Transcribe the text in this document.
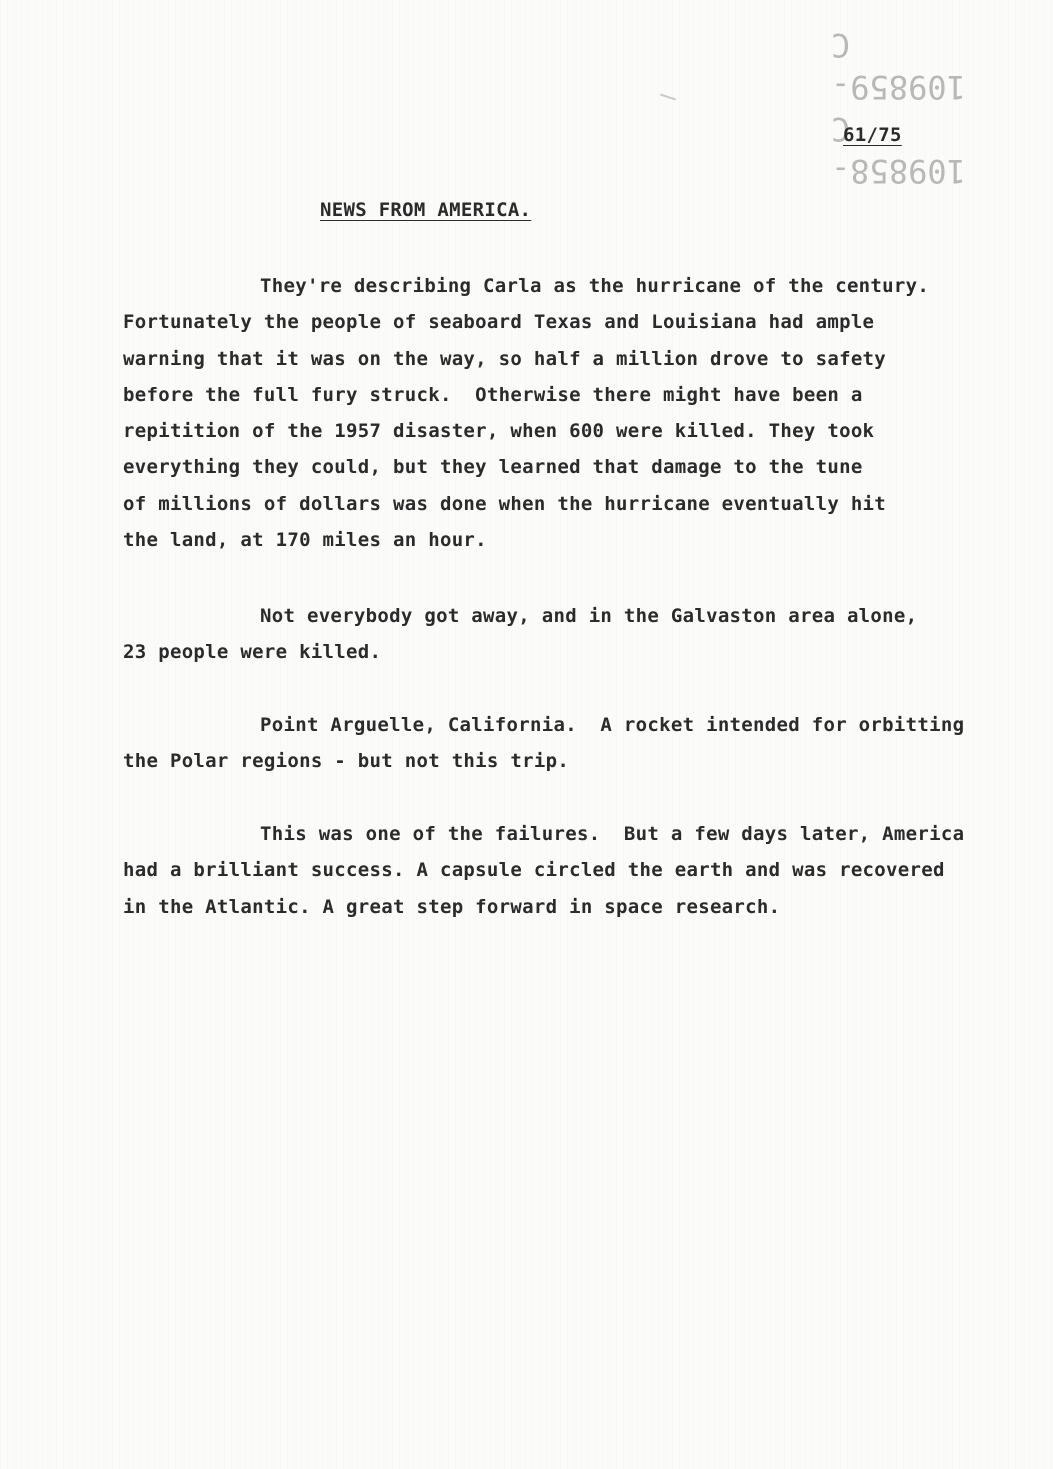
109858-C
109859-C
61/75
NEWS FROM AMERICA.
They're describing Carla as the hurricane of the century.
Fortunately the people of seaboard Texas and Louisiana had ample
warning that it was on the way, so half a million drove to safety
before the full fury struck.  Otherwise there might have been a
repitition of the 1957 disaster, when 600 were killed. They took
everything they could, but they learned that damage to the tune
of millions of dollars was done when the hurricane eventually hit
the land, at 170 miles an hour.
Not everybody got away, and in the Galvaston area alone,
23 people were killed.
Point Arguelle, California.  A rocket intended for orbitting
the Polar regions - but not this trip.
This was one of the failures.  But a few days later, America
had a brilliant success. A capsule circled the earth and was recovered
in the Atlantic. A great step forward in space research.
